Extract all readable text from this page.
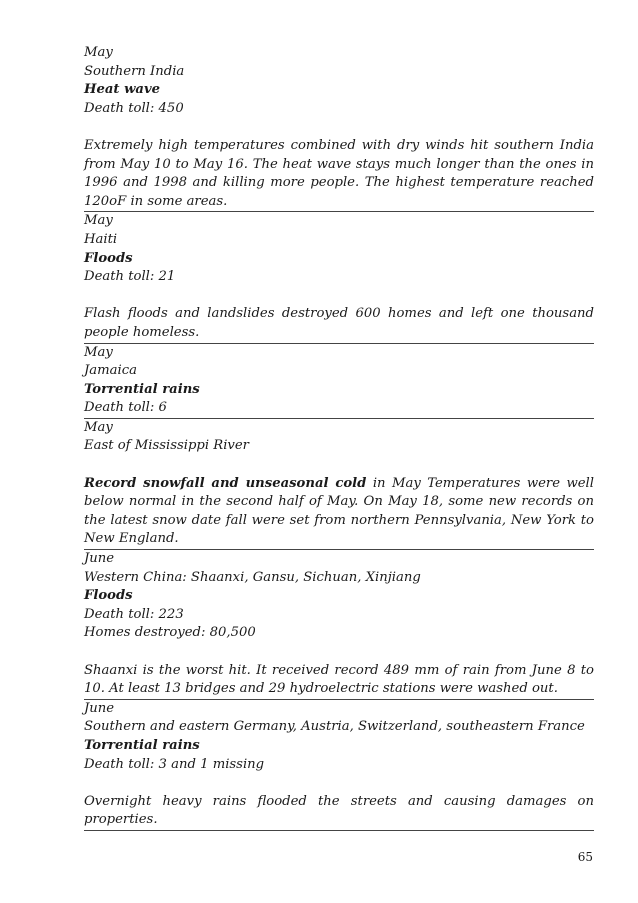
May
Southern India
Heat wave
Death toll: 450
Extremely high temperatures combined with dry winds hit southern India from May 10 to May 16. The heat wave stays much longer than the ones in 1996 and 1998 and killing more people. The highest temperature reached 120oF in some areas.
May
Haiti
Floods
Death toll: 21
Flash floods and landslides destroyed 600 homes and left one thousand people homeless.
May
Jamaica
Torrential rains
Death toll: 6
May
East of Mississippi River
Record snowfall and unseasonal cold in May Temperatures were well below normal in the second half of May. On May 18, some new records on the latest snow date fall were set from northern Pennsylvania, New York to New England.
June
Western China: Shaanxi, Gansu, Sichuan, Xinjiang
Floods
Death toll: 223
Homes destroyed: 80,500
Shaanxi is the worst hit. It received record 489 mm of rain from June 8 to 10. At least 13 bridges and 29 hydroelectric stations were washed out.
June
Southern and eastern Germany, Austria, Switzerland, southeastern France
Torrential rains
Death toll: 3 and 1 missing
Overnight heavy rains flooded the streets and causing damages on properties.
65
